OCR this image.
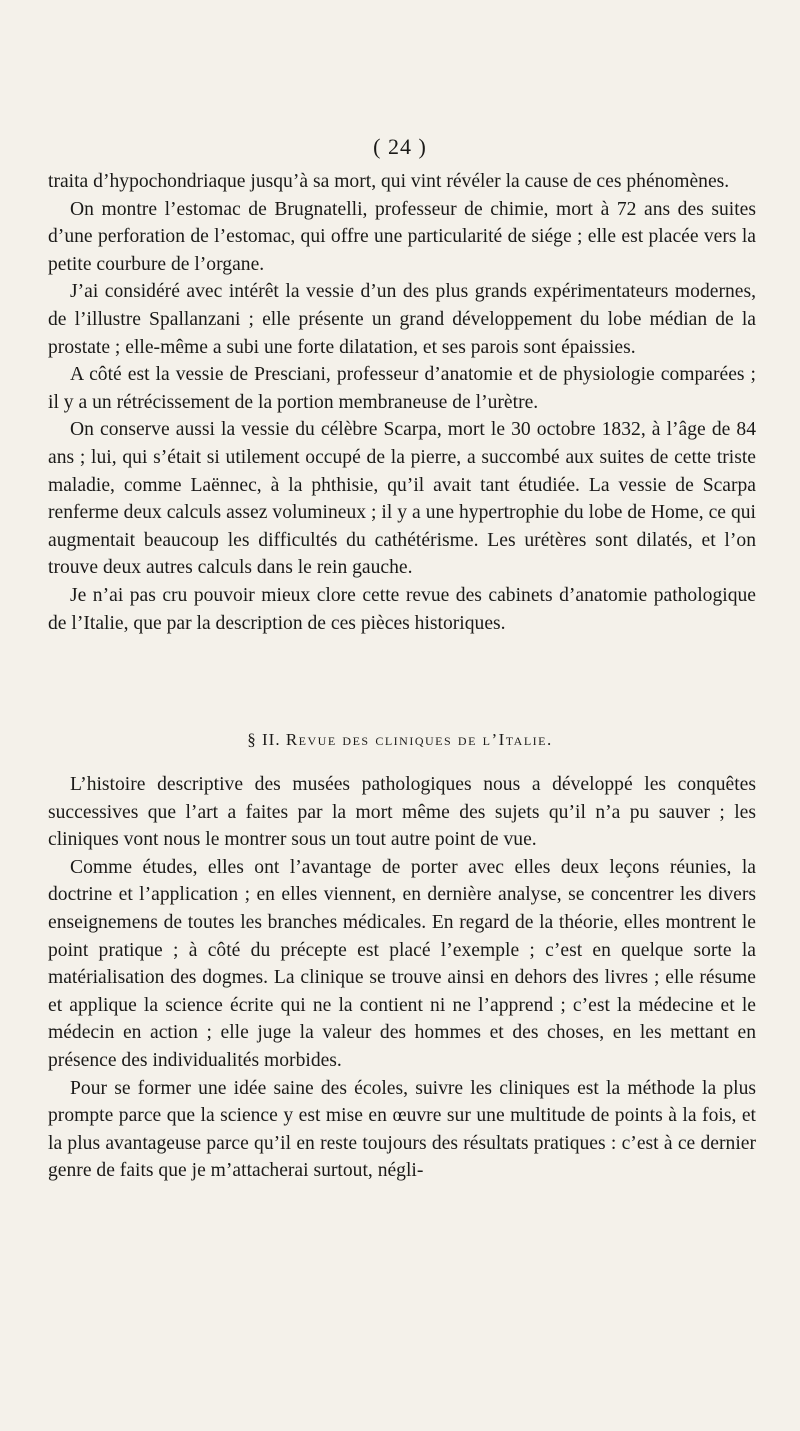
( 24 )

traita d’hypochondriaque jusqu’à sa mort, qui vint révéler la cause de ces phénomènes.

On montre l’estomac de Brugnatelli, professeur de chimie, mort à 72 ans des suites d’une perforation de l’estomac, qui offre une particularité de siége ; elle est placée vers la petite courbure de l’organe.

J’ai considéré avec intérêt la vessie d’un des plus grands expérimentateurs modernes, de l’illustre Spallanzani ; elle présente un grand développement du lobe médian de la prostate ; elle-même a subi une forte dilatation, et ses parois sont épaissies.

A côté est la vessie de Presciani, professeur d’anatomie et de physiologie comparées ; il y a un rétrécissement de la portion membraneuse de l’urètre.

On conserve aussi la vessie du célèbre Scarpa, mort le 30 octobre 1832, à l’âge de 84 ans ; lui, qui s’était si utilement occupé de la pierre, a succombé aux suites de cette triste maladie, comme Laënnec, à la phthisie, qu’il avait tant étudiée. La vessie de Scarpa renferme deux calculs assez volumineux ; il y a une hypertrophie du lobe de Home, ce qui augmentait beaucoup les difficultés du cathétérisme. Les urétères sont dilatés, et l’on trouve deux autres calculs dans le rein gauche.

Je n’ai pas cru pouvoir mieux clore cette revue des cabinets d’anatomie pathologique de l’Italie, que par la description de ces pièces historiques.

§ II. Revue des cliniques de l’Italie.

L’histoire descriptive des musées pathologiques nous a développé les conquêtes successives que l’art a faites par la mort même des sujets qu’il n’a pu sauver ; les cliniques vont nous le montrer sous un tout autre point de vue.

Comme études, elles ont l’avantage de porter avec elles deux leçons réunies, la doctrine et l’application ; en elles viennent, en dernière analyse, se concentrer les divers enseignemens de toutes les branches médicales. En regard de la théorie, elles montrent le point pratique ; à côté du précepte est placé l’exemple ; c’est en quelque sorte la matérialisation des dogmes. La clinique se trouve ainsi en dehors des livres ; elle résume et applique la science écrite qui ne la contient ni ne l’apprend ; c’est la médecine et le médecin en action ; elle juge la valeur des hommes et des choses, en les mettant en présence des individualités morbides.

Pour se former une idée saine des écoles, suivre les cliniques est la méthode la plus prompte parce que la science y est mise en œuvre sur une multitude de points à la fois, et la plus avantageuse parce qu’il en reste toujours des résultats pratiques : c’est à ce dernier genre de faits que je m’attacherai surtout, négli-
